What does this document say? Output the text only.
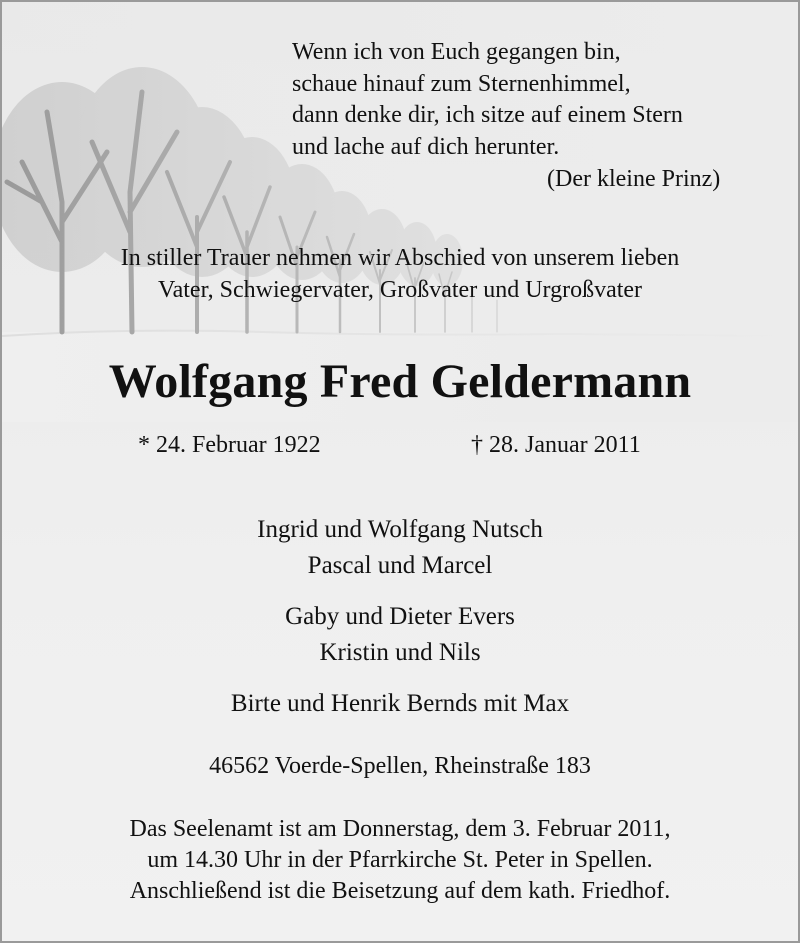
Wenn ich von Euch gegangen bin,
schaue hinauf zum Sternenhimmel,
dann denke dir, ich sitze auf einem Stern
und lache auf dich herunter.
(Der kleine Prinz)
In stiller Trauer nehmen wir Abschied von unserem lieben
Vater, Schwiegervater, Großvater und Urgroßvater
Wolfgang Fred Geldermann
* 24. Februar 1922	† 28. Januar 2011
Ingrid und Wolfgang Nutsch
Pascal und Marcel
Gaby und Dieter Evers
Kristin und Nils
Birte und Henrik Bernds mit Max
46562 Voerde-Spellen, Rheinstraße 183
Das Seelenamt ist am Donnerstag, dem 3. Februar 2011,
um 14.30 Uhr in der Pfarrkirche St. Peter in Spellen.
Anschließend ist die Beisetzung auf dem kath. Friedhof.
